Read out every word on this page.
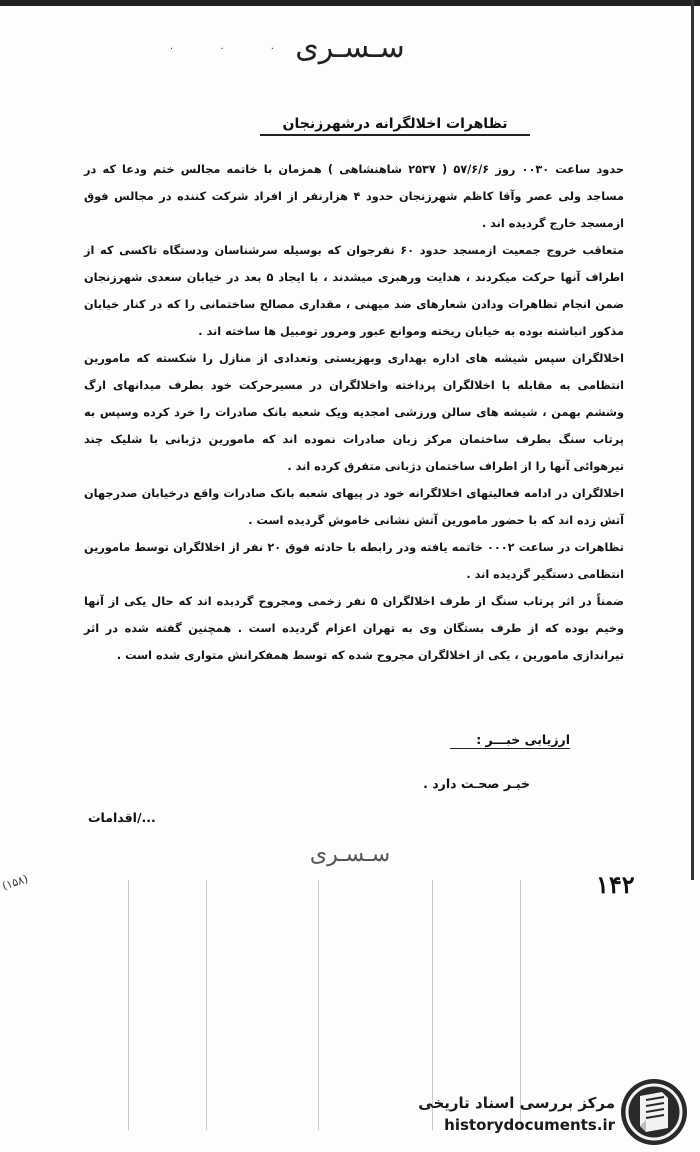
· · · سـسـری
تظاهرات اخلالگرانه درشهرزنجان

حدود ساعت ۰۰۳۰ روز ۵۷/۶/۶ ( ۲۵۳۷ شاهنشاهی ) همزمان با خاتمه مجالس ختم ودعا که در مساجد ولی عصر وآقا کاظم شهرزنجان حدود ۴ هزارنفر از افراد شرکت کننده در مجالس فوق ازمسجد خارج گردیده اند .

متعاقب خروج جمعیت ازمسجد حدود ۶۰ نفرجوان که بوسیله سرشناسان ودستگاه تاکسی که از اطراف آنها حرکت میکردند ، هدایت ورهبری میشدند ، با ایجاد ۵ بعد در خیابان سعدی شهرزنجان ضمن انجام تظاهرات ودادن شعارهای ضد میهنی ، مقداری مصالح ساختمانی را که در کنار خیابان مذکور انباشته بوده به خیابان ریخته وموانع عبور ومرور تومبیل ها ساخته اند .

اخلالگران سپس شیشه های اداره بهداری وبهزیستی وتعدادی از منازل را شکسته که مامورین انتظامی به مقابله با اخلالگران پرداخته واخلالگران در مسیرحرکت خود بطرف میدانهای ارگ وششم بهمن ، شیشه های سالن ورزشی امجدیه ویک شعبه بانک صادرات را خرد کرده وسپس به پرتاب سنگ بطرف ساختمان مرکز زبان صادرات نموده اند که مامورین دژبانی با شلیک چند تیرهوائی آنها را از اطراف ساختمان دژبانی متفرق کرده اند .

اخلالگران در ادامه فعالیتهای اخلالگرانه خود در پیهای شعبه بانک صادرات واقع درخیابان صدرجهان آتش زده اند که با حضور مامورین آتش نشانی خاموش گردیده است .

تظاهرات در ساعت ۰۰۰۲ خاتمه یافته ودر رابطه با حادثه فوق ۲۰ نفر از اخلالگران توسط مامورین انتظامی دستگیر گردیده اند .

ضمناً در اثر پرتاب سنگ از طرف اخلالگران ۵ نفر زخمی ومجروح گردیده اند که حال یکی از آنها وخیم بوده که از طرف بستگان وی به تهران اعزام گردیده است . همچنین گفته شده در اثر تیراندازی مامورین ، یکی از اخلالگران مجروح شده که توسط همفکرانش متواری شده است .

ارزیابی خبـــر :
خبـر صحـت دارد .
اقدامات/...
سـسـری
۱۴۲
(۱۵۸)
مرکز بررسی اسناد تاریخی
historydocuments.ir
